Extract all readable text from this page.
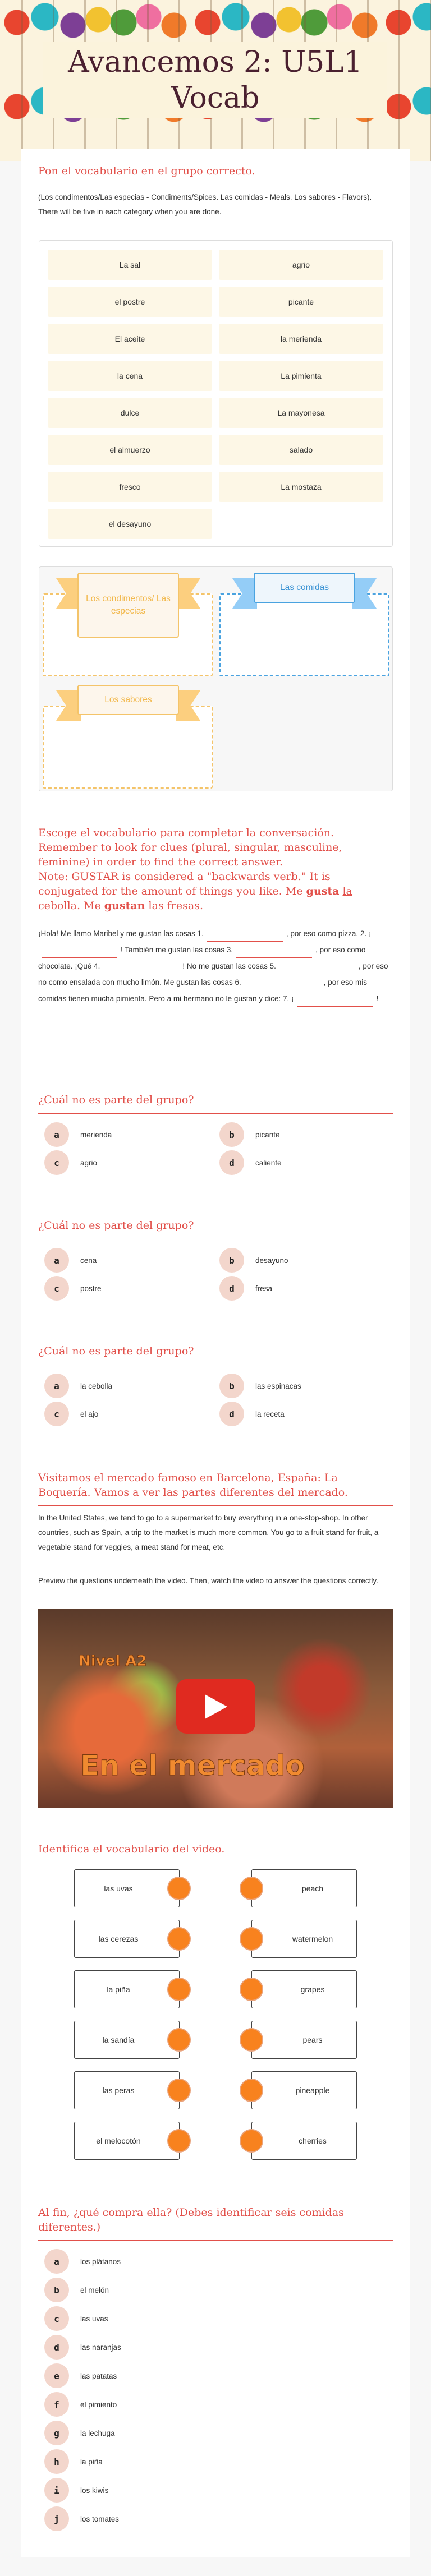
Avancemos 2: U5L1
Vocab
Pon el vocabulario en el grupo correcto.
(Los condimentos/Las especias - Condiments/Spices. Las comidas - Meals. Los sabores - Flavors). There will be five in each category when you are done.
La sal	agrio
el postre	picante
El aceite	la merienda
la cena	La pimienta
dulce	La mayonesa
el almuerzo	salado
fresco	La mostaza
el desayuno
Los condimentos/ Las especias
Las comidas
Los sabores
Escoge el vocabulario para completar la conversación.
Remember to look for clues (plural, singular, masculine, feminine) in order to find the correct answer.
Note: GUSTAR is considered a "backwards verb." It is conjugated for the amount of things you like. Me gusta la cebolla. Me gustan las fresas.
¡Hola! Me llamo Maribel y me gustan las cosas 1.	, por eso como pizza. 2. ¡! También me gustan las cosas 3.	, por eso como chocolate. ¡Qué 4.	! No me gustan las cosas 5.	, por eso no como ensalada con mucho limón. Me gustan las cosas 6.	, por eso mis comidas tienen mucha pimienta. Pero a mi hermano no le gustan y dice: 7. ¡	!
¿Cuál no es parte del grupo?
a	merienda	b	picante
c	agrio	d	caliente
¿Cuál no es parte del grupo?
a	cena	b	desayuno
c	postre	d	fresa
¿Cuál no es parte del grupo?
a	la cebolla	b	las espinacas
c	el ajo	d	la receta
Visitamos el mercado famoso en Barcelona, España: La Boquería. Vamos a ver las partes diferentes del mercado.
In the United States, we tend to go to a supermarket to buy everything in a one-stop-shop. In other countries, such as Spain, a trip to the market is much more common. You go to a fruit stand for fruit, a vegetable stand for veggies, a meat stand for meat, etc.
Preview the questions underneath the video. Then, watch the video to answer the questions correctly.
Nivel A2
En el mercado
Identifica el vocabulario del video.
las uvas	peach
las cerezas	watermelon
la piña	grapes
la sandía	pears
las peras	pineapple
el melocotón	cherries
Al fin, ¿qué compra ella? (Debes identificar seis comidas diferentes.)
a	los plátanos
b	el melón
c	las uvas
d	las naranjas
e	las patatas
f	el pimiento
g	la lechuga
h	la piña
i	los kiwis
j	los tomates
